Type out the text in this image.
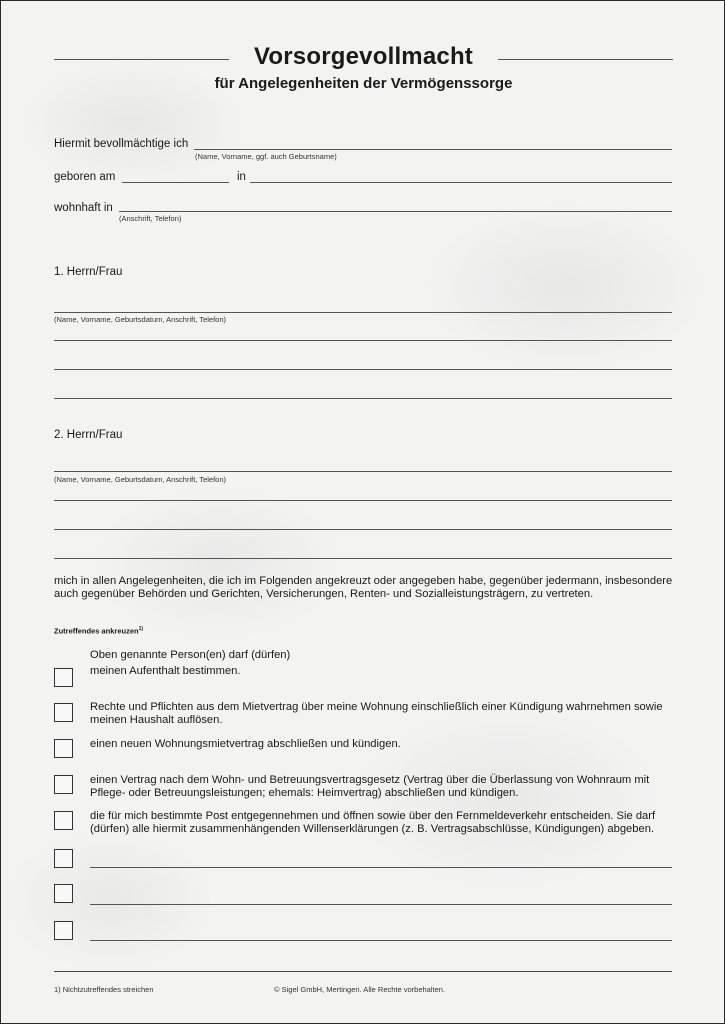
Vorsorgevollmacht
für Angelegenheiten der Vermögenssorge
Hiermit bevollmächtige ich
(Name, Vorname, ggf. auch Geburtsname)
geboren am	in
wohnhaft in
(Anschrift, Telefon)
1. Herrn/Frau
(Name, Vorname, Geburtsdatum, Anschrift, Telefon)
2. Herrn/Frau
(Name, Vorname, Geburtsdatum, Anschrift, Telefon)
mich in allen Angelegenheiten, die ich im Folgenden angekreuzt oder angegeben habe, gegenüber jedermann, insbesondere auch gegenüber Behörden und Gerichten, Versicherungen, Renten- und Sozialleistungsträgern, zu vertreten.
Zutreffendes ankreuzen$^{1)}$
Oben genannte Person(en) darf (dürfen)
meinen Aufenthalt bestimmen.
Rechte und Pflichten aus dem Mietvertrag über meine Wohnung einschließlich einer Kündigung wahrnehmen sowie meinen Haushalt auflösen.
einen neuen Wohnungsmietvertrag abschließen und kündigen.
einen Vertrag nach dem Wohn- und Betreuungsvertragsgesetz (Vertrag über die Überlassung von Wohnraum mit Pflege- oder Betreuungsleistungen; ehemals: Heimvertrag) abschließen und kündigen.
die für mich bestimmte Post entgegennehmen und öffnen sowie über den Fernmeldeverkehr entscheiden. Sie darf (dürfen) alle hiermit zusammenhängenden Willenserklärungen (z. B. Vertragsabschlüsse, Kündigungen) abgeben.
1) Nichtzutreffendes streichen	© Sigel GmbH, Mertingen. Alle Rechte vorbehalten.
